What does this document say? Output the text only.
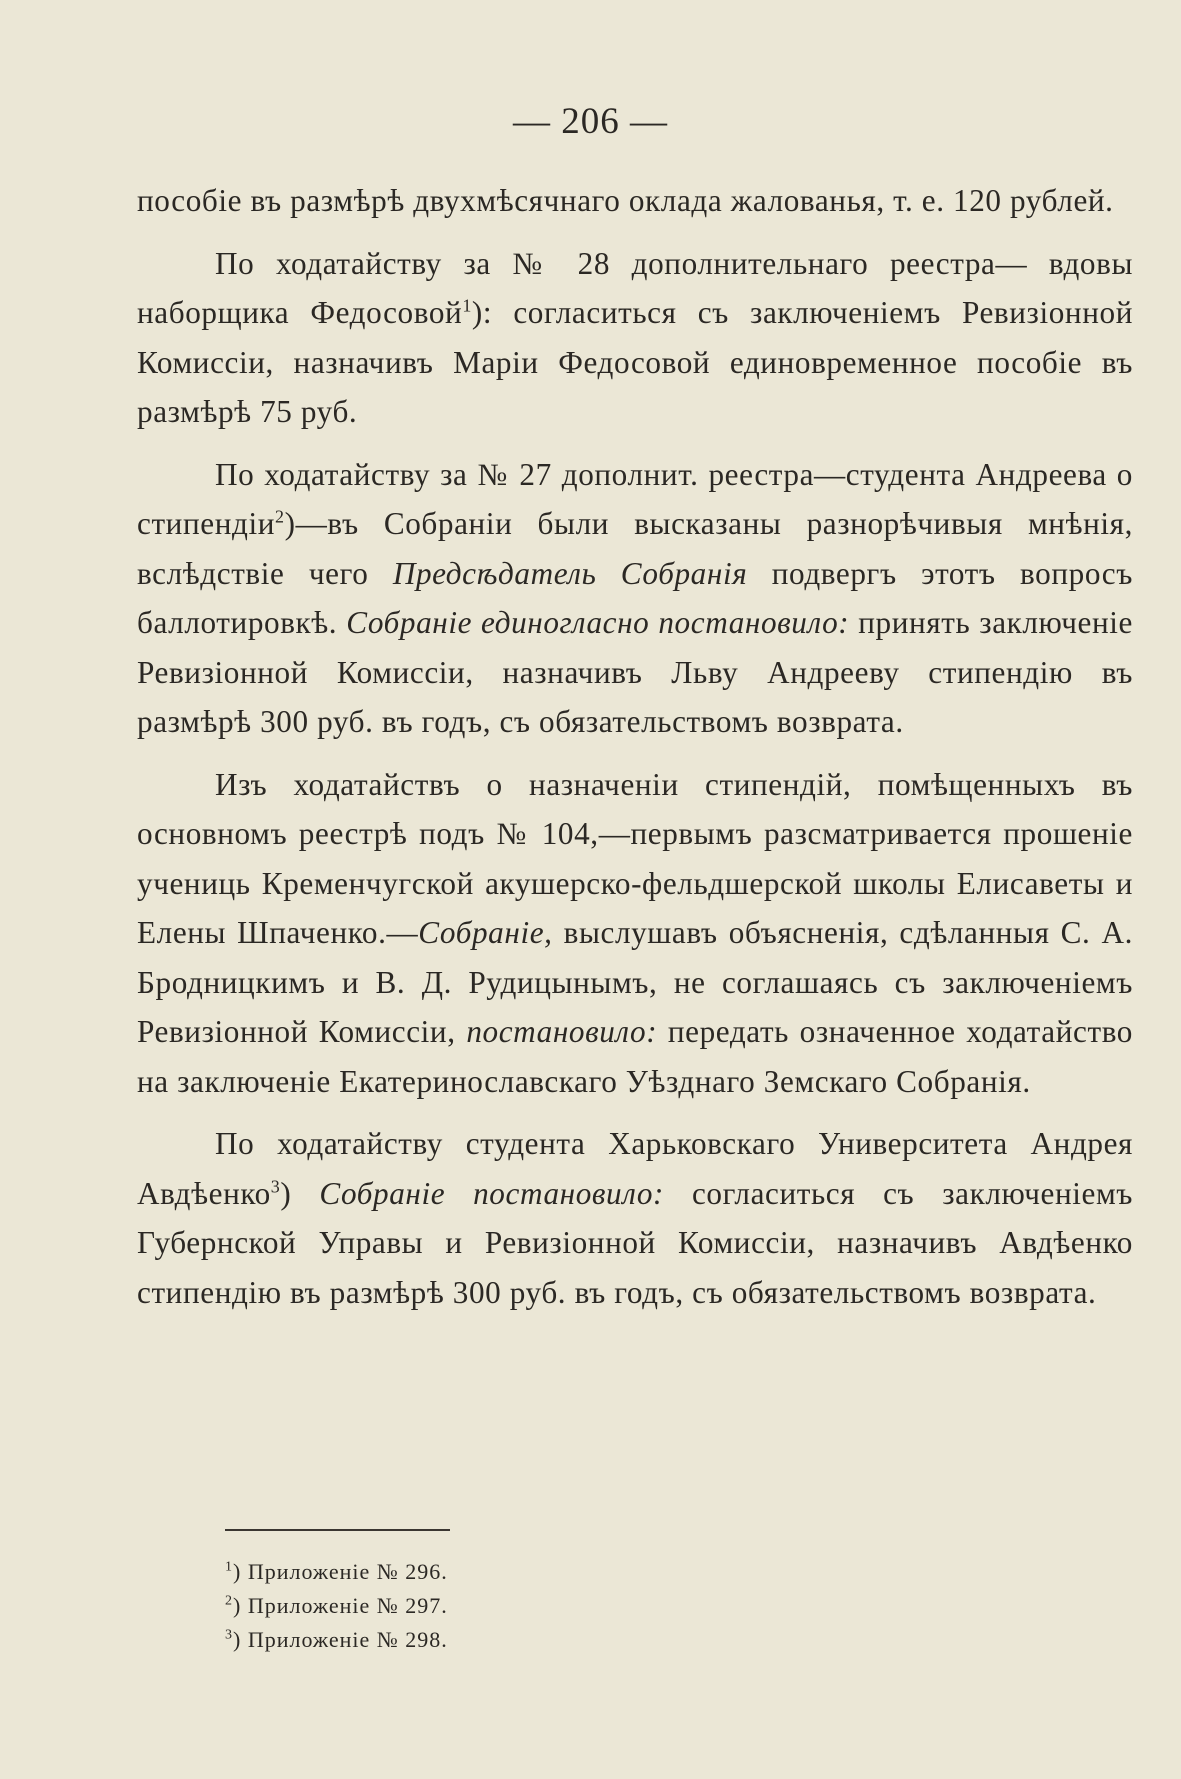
— 206 —

пособіе въ размѣрѣ двухмѣсячнаго оклада жалованья, т. е. 120 рублей.

По ходатайству за № 28 дополнительнаго реестра— вдовы наборщика Федосовой$^1$): согласиться съ заключеніемъ Ревизіонной Комиссіи, назначивъ Маріи Федосовой единовременное пособіе въ размѣрѣ 75 руб.

По ходатайству за № 27 дополнит. реестра—студента Андреева о стипендіи$^2$)—въ Собраніи были высказаны разнорѣчивыя мнѣнія, вслѣдствіе чего Предсѣдатель Собранія подвергъ этотъ вопросъ баллотировкѣ. Собраніе единогласно постановило: принять заключеніе Ревизіонной Комиссіи, назначивъ Льву Андрееву стипендію въ размѣрѣ 300 руб. въ годъ, съ обязательствомъ возврата.

Изъ ходатайствъ о назначеніи стипендій, помѣщенныхъ въ основномъ реестрѣ подъ № 104,—первымъ разсматривается прошеніе учениць Кременчугской акушерско-фельдшерской школы Елисаветы и Елены Шпаченко.—Собраніе, выслушавъ объясненія, сдѣланныя С. А. Бродницкимъ и В. Д. Рудицынымъ, не соглашаясь съ заключеніемъ Ревизіонной Комиссіи, постановило: передать означенное ходатайство на заключеніе Екатеринославскаго Уѣзднаго Земскаго Собранія.

По ходатайству студента Харьковскаго Университета Андрея Авдѣенко$^3$) Собраніе постановило: согласиться съ заключеніемъ Губернской Управы и Ревизіонной Комиссіи, назначивъ Авдѣенко стипендію въ размѣрѣ 300 руб. въ годъ, съ обязательствомъ возврата.

$^1$) Приложеніе № 296.
$^2$) Приложеніе № 297.
$^3$) Приложеніе № 298.
